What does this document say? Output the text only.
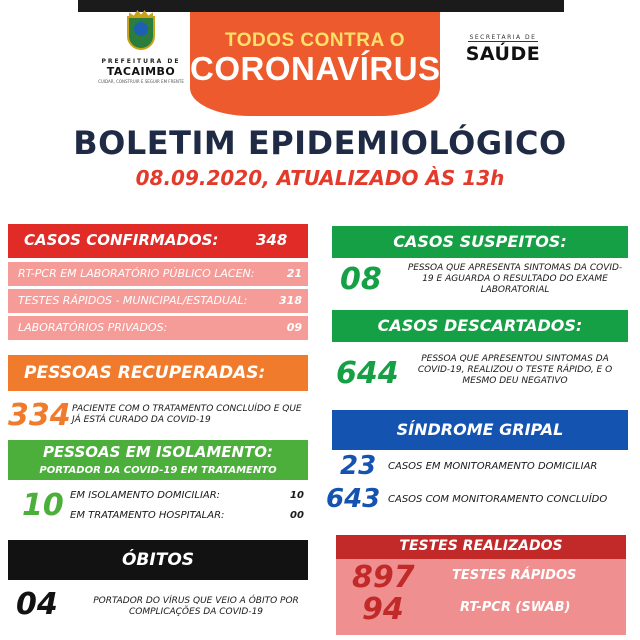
PREFEITURA DE
TACAIMBO
CUIDAR, CONSTRUIR E SEGUIR EM FRENTE
TODOS CONTRA O
CORONAVÍRUS
SECRETARIA DE
SAÚDE
BOLETIM EPIDEMIOLÓGICO
08.09.2020, ATUALIZADO ÀS 13h
CASOS CONFIRMADOS:	348
RT-PCR EM LABORATÓRIO PÚBLICO LACEN:	21
TESTES RÁPIDOS - MUNICIPAL/ESTADUAL:	318
LABORATÓRIOS PRIVADOS:	09
PESSOAS RECUPERADAS:
334 PACIENTE COM O TRATAMENTO CONCLUÍDO E QUE JÁ ESTÁ CURADO DA COVID-19
PESSOAS EM ISOLAMENTO:
PORTADOR DA COVID-19 EM TRATAMENTO
10 EM ISOLAMENTO DOMICILIAR:	10
EM TRATAMENTO HOSPITALAR:	00
ÓBITOS
04	PORTADOR DO VÍRUS QUE VEIO A ÓBITO POR COMPLICAÇÕES DA COVID-19
CASOS SUSPEITOS:
08	PESSOA QUE APRESENTA SINTOMAS DA COVID-19 E AGUARDA O RESULTADO DO EXAME LABORATORIAL
CASOS DESCARTADOS:
644	PESSOA QUE APRESENTOU SINTOMAS DA COVID-19, REALIZOU O TESTE RÁPIDO, E O MESMO DEU NEGATIVO
SÍNDROME GRIPAL
23 CASOS EM MONITORAMENTO DOMICILIAR
643 CASOS COM MONITORAMENTO CONCLUÍDO
TESTES REALIZADOS
897	TESTES RÁPIDOS
94	RT-PCR (SWAB)
